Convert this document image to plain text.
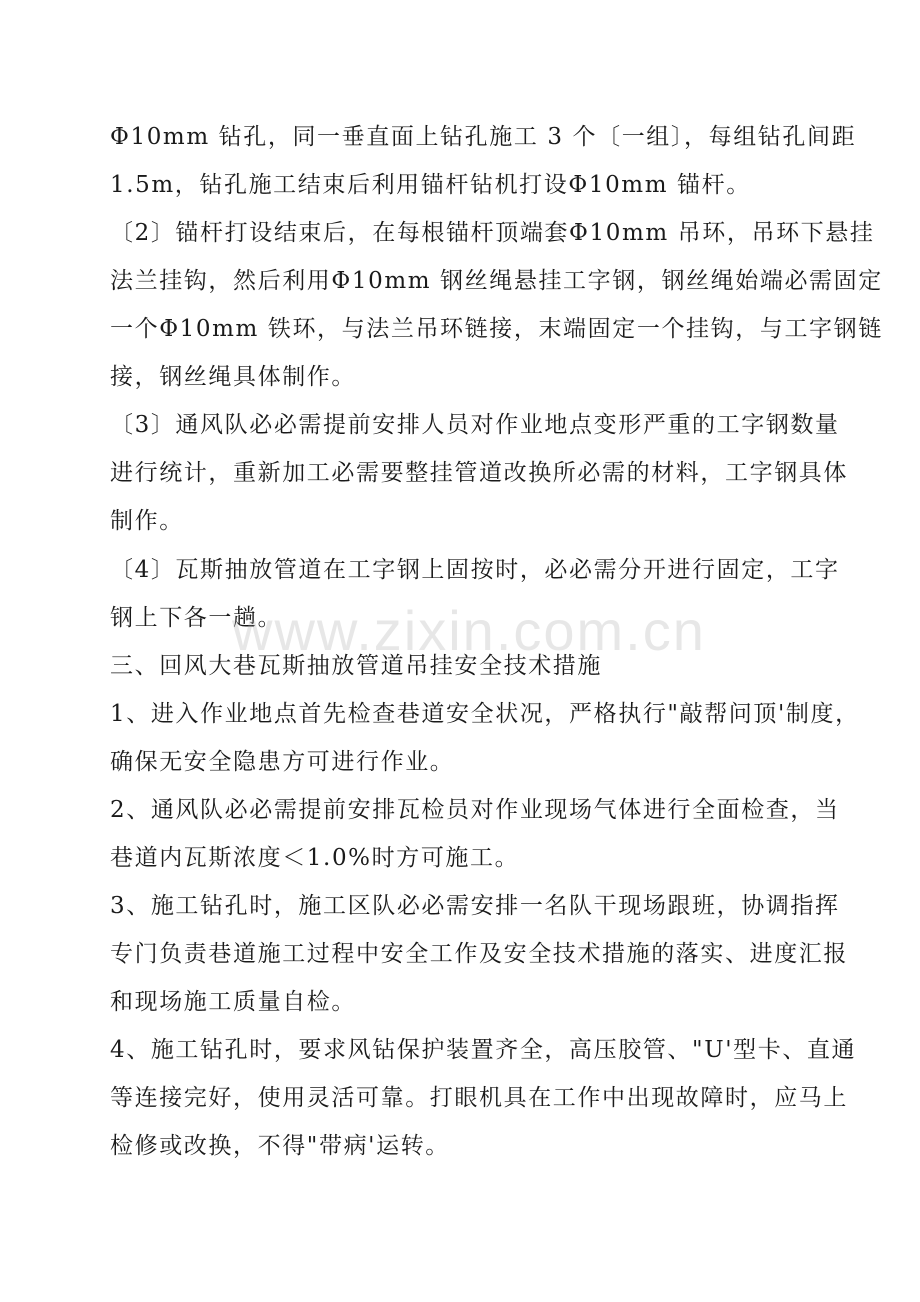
Φ10mm 钻孔，同一垂直面上钻孔施工 3 个〔一组〕，每组钻孔间距
1.5m，钻孔施工结束后利用锚杆钻机打设Φ10mm 锚杆。
〔2〕锚杆打设结束后，在每根锚杆顶端套Φ10mm 吊环，吊环下悬挂
法兰挂钩，然后利用Φ10mm 钢丝绳悬挂工字钢，钢丝绳始端必需固定
一个Φ10mm 铁环，与法兰吊环链接，末端固定一个挂钩，与工字钢链
接，钢丝绳具体制作。
〔3〕通风队必必需提前安排人员对作业地点变形严重的工字钢数量
进行统计，重新加工必需要整挂管道改换所必需的材料，工字钢具体
制作。
〔4〕瓦斯抽放管道在工字钢上固按时，必必需分开进行固定，工字
钢上下各一趟。
三、回风大巷瓦斯抽放管道吊挂安全技术措施
1、进入作业地点首先检查巷道安全状况，严格执行"敲帮问顶'制度，
确保无安全隐患方可进行作业。
2、通风队必必需提前安排瓦检员对作业现场气体进行全面检查，当
巷道内瓦斯浓度＜1.0%时方可施工。
3、施工钻孔时，施工区队必必需安排一名队干现场跟班，协调指挥
专门负责巷道施工过程中安全工作及安全技术措施的落实、进度汇报
和现场施工质量自检。
4、施工钻孔时，要求风钻保护装置齐全，高压胶管、"U'型卡、直通
等连接完好，使用灵活可靠。打眼机具在工作中出现故障时，应马上
检修或改换，不得"带病'运转。
www.zixin.com.cn
